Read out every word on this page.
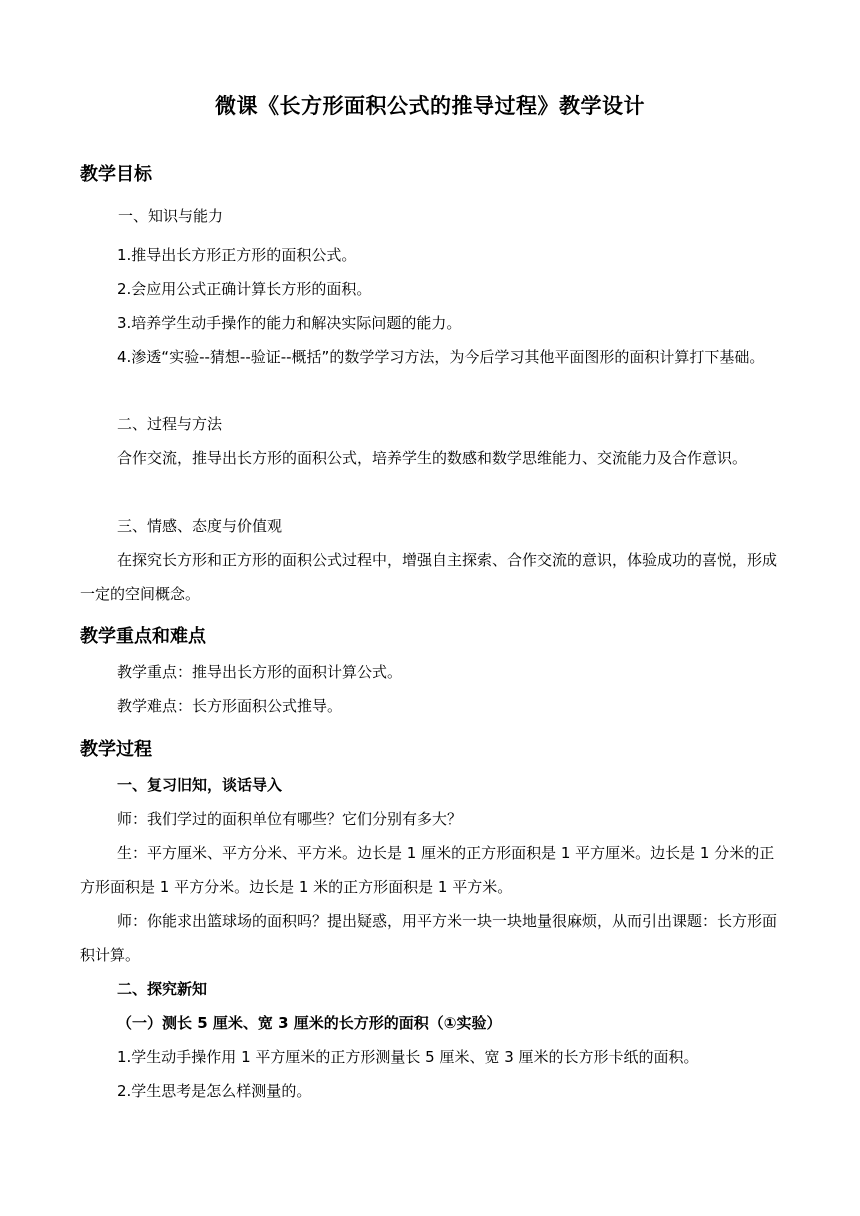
微课《长方形面积公式的推导过程》教学设计
教学目标
一、知识与能力
1.推导出长方形正方形的面积公式。
2.会应用公式正确计算长方形的面积。
3.培养学生动手操作的能力和解决实际问题的能力。
4.渗透“实验--猜想--验证--概括”的数学学习方法，为今后学习其他平面图形的面积计算打下基础。
二、过程与方法
合作交流，推导出长方形的面积公式，培养学生的数感和数学思维能力、交流能力及合作意识。
三、情感、态度与价值观
在探究长方形和正方形的面积公式过程中，增强自主探索、合作交流的意识，体验成功的喜悦，形成一定的空间概念。
教学重点和难点
教学重点：推导出长方形的面积计算公式。
教学难点：长方形面积公式推导。
教学过程
一、复习旧知，谈话导入
师：我们学过的面积单位有哪些？它们分别有多大？
生：平方厘米、平方分米、平方米。边长是 1 厘米的正方形面积是 1 平方厘米。边长是 1 分米的正方形面积是 1 平方分米。边长是 1 米的正方形面积是 1 平方米。
师：你能求出篮球场的面积吗？提出疑惑，用平方米一块一块地量很麻烦，从而引出课题：长方形面积计算。
二、探究新知
（一）测长 5 厘米、宽 3 厘米的长方形的面积（①实验）
1.学生动手操作用 1 平方厘米的正方形测量长 5 厘米、宽 3 厘米的长方形卡纸的面积。
2.学生思考是怎么样测量的。
